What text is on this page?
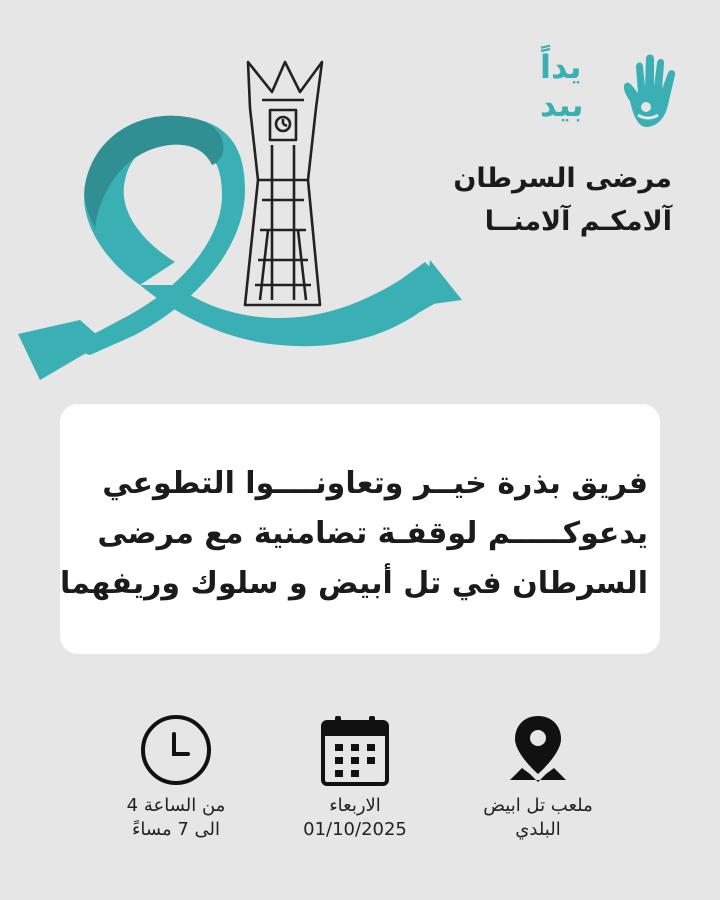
يداً
بيد
مرضى السرطان
آلامكـم آلامنــا
فريق بذرة خيــر وتعاونــــوا التطوعي
يدعوكـــــم لوقفـة تضامنية مع مرضى
السرطان في تل أبيض و سلوك وريفهما
من الساعة 4
الى 7 مساءً
الاربعاء
01/10/2025
ملعب تل ابيض
البلدي
